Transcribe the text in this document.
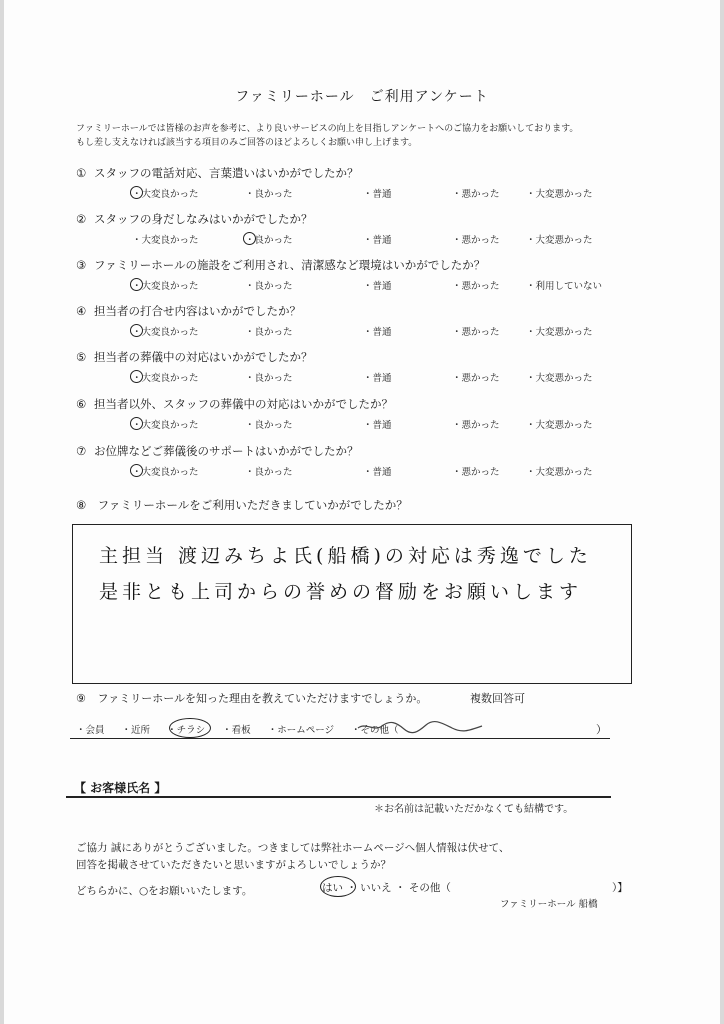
ファミリーホール　ご利用アンケート
ファミリーホールでは皆様のお声を参考に、より良いサービスの向上を目指しアンケートへのご協力をお願いしております。
もし差し支えなければ該当する項目のみご回答のほどよろしくお願い申し上げます。
① スタッフの電話対応、言葉遣いはいかがでしたか？
・大変良かった	・良かった	・普通	・悪かった	・大変悪かった
② スタッフの身だしなみはいかがでしたか？
・大変良かった	・良かった	・普通	・悪かった	・大変悪かった
③ ファミリーホールの施設をご利用され、清潔感など環境はいかがでしたか？
・大変良かった	・良かった	・普通	・悪かった	・利用していない
④ 担当者の打合せ内容はいかがでしたか？
・大変良かった	・良かった	・普通	・悪かった	・大変悪かった
⑤ 担当者の葬儀中の対応はいかがでしたか？
・大変良かった	・良かった	・普通	・悪かった	・大変悪かった
⑥ 担当者以外、スタッフの葬儀中の対応はいかがでしたか？
・大変良かった	・良かった	・普通	・悪かった	・大変悪かった
⑦ お位牌などご葬儀後のサポートはいかがでしたか？
・大変良かった	・良かった	・普通	・悪かった	・大変悪かった
⑧ ファミリーホールをご利用いただきましていかがでしたか？
主担当 渡辺みちよ氏(船橋)の対応は秀逸でした
是非とも上司からの誉めの督励をお願いします
⑨ ファミリーホールを知った理由を教えていただけますでしょうか。	複数回答可
・会員 ・近所 ・チラシ ・看板 ・ホームページ ・その他（	）
【 お客様氏名 】
＊お名前は記載いただかなくても結構です。
ご協力 誠にありがとうございました。つきましては弊社ホームページへ個人情報は伏せて、
回答を掲載させていただきたいと思いますがよろしいでしょうか？
どちらかに、○をお願いいたします。	はい ・ いいえ ・ その他（	）】
ファミリーホール 船橋
